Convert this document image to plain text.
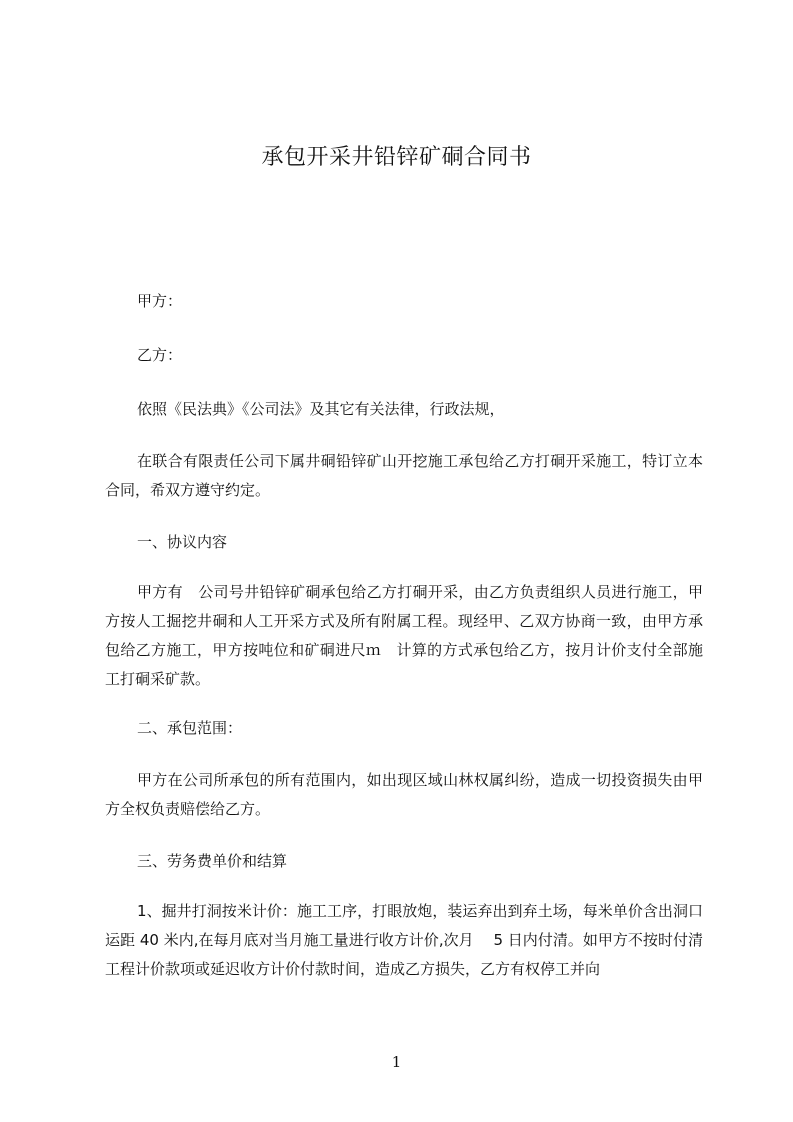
承包开采井铅锌矿硐合同书
甲方：
乙方：
依照《民法典》《公司法》及其它有关法律，行政法规，
在联合有限责任公司下属井硐铅锌矿山开挖施工承包给乙方打硐开采施工，特订立本合同，希双方遵守约定。
一、协议内容
甲方有　公司号井铅锌矿硐承包给乙方打硐开采，由乙方负责组织人员进行施工，甲方按人工掘挖井硐和人工开采方式及所有附属工程。现经甲、乙双方协商一致，由甲方承包给乙方施工，甲方按吨位和矿硐进尺ｍ　计算的方式承包给乙方，按月计价支付全部施工打硐采矿款。
二、承包范围：
甲方在公司所承包的所有范围内，如出现区域山林权属纠纷，造成一切投资损失由甲方全权负责赔偿给乙方。
三、劳务费单价和结算
1、掘井打洞按米计价：施工工序，打眼放炮，装运弃出到弃土场，每米单价含出洞口运距 40 米内,在每月底对当月施工量进行收方计价,次月　 5 日内付清。如甲方不按时付清工程计价款项或延迟收方计价付款时间，造成乙方损失，乙方有权停工并向
1
